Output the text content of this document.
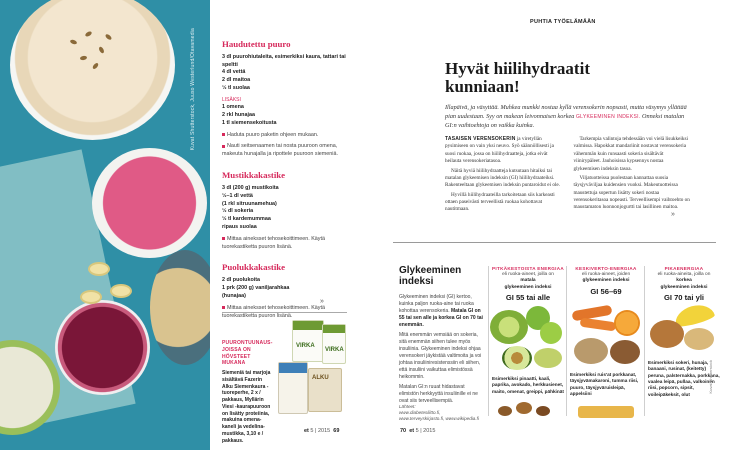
Kuvat Shutterstock, Juuso Westerlund/Otavamedia	Haudutettu puuro
3 dl puurohiutaleita, esimerkiksi kaura, tattari tai speltti
4 dl vettä
2 dl maitoa
½ tl suolaa
LISÄKSI
1 omena
2 rkl hunajaa
1 tl siemensekoitusta
Haduta puuro paketin ohjeen mukaan.
Nauti seitsenaamen tai nosta puuroon omena, makeuta hunajalla ja ripottele puuroon siemeniä.
Mustikkakastike
3 dl (200 g) mustikoita
½–1 dl vettä
(1 rkl sitruunamehua)
½ dl sokeria
½ tl kardemummaa
ripaus suolaa
Mittaa aineksset tehosekoittimeen. Käytä tuorekastiketta puuron lisänä.
Puolukkakastike
2 dl puolukoita
1 prk (200 g) vaniljarahkaa
(hunajaa)
Mittaa aineksset tehosekoittimeen. Käytä tuorekastiketta puuron lisänä.
»
PUURONTUUNAUS-JOISSA ON HÖVSTEET MUKANA
Siemeniä tai marjoja sisältävä Fazerin Alku Siemenkaura -tuoreperhe, 2 x / pakkaus, Myllärin Viesi -kaurapuuroon on lisätty proteiinia, makuina omena-kaneli ja vedelina-mustikka, 3,10 e / pakkaus.
VIRKA
VIRKA
ALKU
et 5 | 2015 69
PUHTIA TYÖELÄMÄÄN
Hyvät hiilihydraatit kunniaan!
Illapäivä, ja väsyttää. Muhkea munkki nostaa kyllä verensokerin nopsasti, mutta väsymys yllättää pian uudestaan. Syy on makean leivonnaisen korkea GLYKEEMINEN INDEKSI. Onneksi matalan GI:n vaihtoehtoja on vaikka kuinka.

TASAISEN VERENSOKERIN ja viretyllän pysimiseen on vain yksi neuvo. Syö säännöllisesti ja suosi ruokaa, jossa on hiilihydraatteja, jotka eivät heilauta verensokeriatasoa.

Näitä hyviä hiilihydraatteja kutsutaan hitaiksi tai matalan glykeemisen indeksin (GI) hiilihydraateiksi. Rakenteeltaan glykeemisen indeksin puntaroidut ei ole.

Hyvillä hiilihydraateilla tarkoitetaan siis karkeasti ottaen paseivästi terveellistä ruokaa kohottavat nautitmaan.

Tarkempia valintoja tehdessään voi vielä lisukkeiksi valmissa. Hapokkat mandariinit nostavat verensokeria vähemmän kuin runsaasti sokeria sisältävät viinirypäleet. Jauhoisissa kypsennys nostaa glykeemisen indeksin tasoa.

Viljatuotteissa puolestaan kannattaa suosia täysjyväviljaa kuidensien vuoksi. Makeutuotteissa maustettuja sopertun lisätty sokeri nostaa verensokeritasoa nopeasti. Terveellisempi vaihtoehto on maustamaton luonnonjogurtti tai lasillinen maitoa.

»
Glykeeminen indeksi

Glykeeminen indeksi (GI) kertoo, kuinka paljon ruoka-aine tai ruoka kohottaa verensokeria. Matala GI on 55 tai sen alle ja korkea GI on 70 tai enemmän.

Mitä enemmän vemsiää on sokeria, sitä enemmän siihen tulee myös insuliinia. Glykeeminen indeksi ohjaa verensokeri jäykistää valtimoita ja voi johtaa insuliiniresistenssiin eli siihen, että insuliini vaikuttaa elimistössä heikommin.

Matalan GI:n ruuat hidastavat elimistön herkkyyttä insuliinille ei ne ovat siis terveellisempiä.

Lähteet:
www.diabetesliitto.fi,
www.terveyskirjasto.fi, www.wikipedia.fi
PITKÄKESTOISTA ENERGIAA
eli ruoka-aineet, joilla on
matala
glykeeminen indeksi
GI 55 tai alle
Esimerkiksi pinaatti, kaali, paprika, avokado, herkkusienet, maito, omenat, greippi, pähkinät
KESKIVERTO-ENERGIAA
eli ruoka-aineet, joiden
glykeeminen indeksi
GI 56–69
Esimerkiksi ruis'at porkkanat, täysjyvämakaroni, tumma riisi, puuro, täysjyväruisleipä, appelsiini
PIKAENERGIAA
eli ruoka-aineita, joilla on
korkea
glykeeminen indeksi
GI 70 tai yli
Esimerkiksi sokeri, hunaja, banaani, rusinat, (keitetty) peruna, palsternakka, porkkana, vaalea leipä, pullaa, valkoinen riisi, popcorn, sipsit, voileipäkeksit, olut
Kuvat Shutterstock
70 et 5 | 2015
